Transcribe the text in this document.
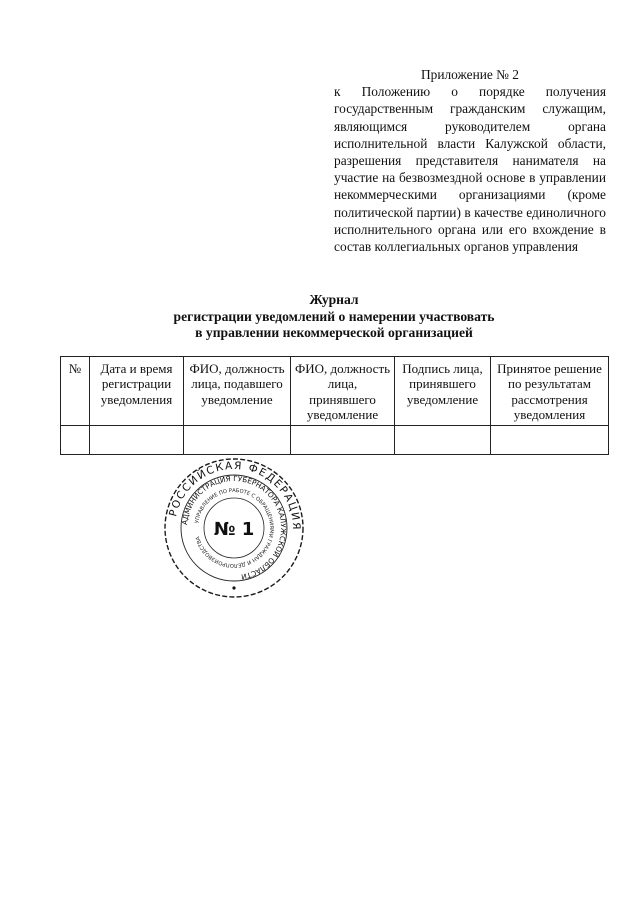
Приложение № 2
к Положению о порядке получения государственным гражданским служащим, являющимся руководителем органа исполнительной власти Калужской области, разрешения представителя нанимателя на участие на безвозмездной основе в управлении некоммерческими организациями (кроме политической партии) в качестве единоличного исполнительного органа или его вхождение в состав коллегиальных органов управления
Журнал
регистрации уведомлений о намерении участвовать
в управлении некоммерческой организацией
№	Дата и время регистрации уведомления	ФИО, должность лица, подавшего уведомление	ФИО, должность лица, принявшего уведомление	Подпись лица, принявшего уведомление	Принятое решение по результатам рассмотрения уведомления

РОССИЙСКАЯ ФЕДЕРАЦИЯ
АДМИНИСТРАЦИЯ ГУБЕРНАТОРА КАЛУЖСКОЙ ОБЛАСТИ
УПРАВЛЕНИЕ ПО РАБОТЕ С ОБРАЩЕНИЯМИ ГРАЖДАН И ДЕЛОПРОИЗВОДСТВА № 1
